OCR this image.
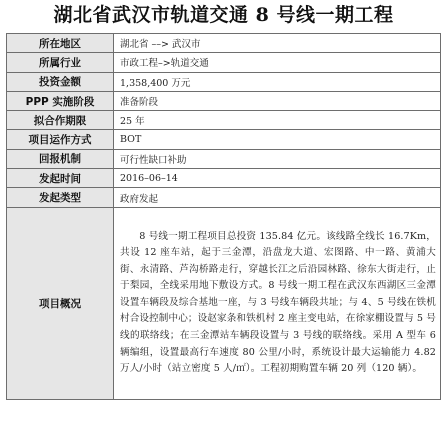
湖北省武汉市轨道交通 8 号线一期工程
所在地区	湖北省 ––> 武汉市
所属行业	市政工程–>轨道交通
投资金额	1,358,400 万元
PPP 实施阶段	准备阶段
拟合作期限	25 年
项目运作方式	BOT
回报机制	可行性缺口补助
发起时间	2016–06–14
发起类型	政府发起
项目概况	8 号线一期工程项目总投资 135.84 亿元。该线路全线长 16.7Km，共设 12 座车站，起于三金潭，沿盘龙大道、宏图路、中一路、黄浦大街、永清路、芦沟桥路走行，穿越长江之后沿园林路、徐东大街走行，止于梨园，全线采用地下敷设方式。8 号线一期工程在武汉东西湖区三金潭设置车辆段及综合基地一座，与 3 号线车辆段共址；与 4、5 号线在铁机村合设控制中心；设赵家条和铁机村 2 座主变电站，在徐家棚设置与 5 号线的联络线；在三金潭站车辆段设置与 3 号线的联络线。采用 A 型车 6 辆编组，设置最高行车速度 80 公里/小时，系统设计最大运输能力 4.82 万人/小时（站立密度 5 人/㎡）。工程初期购置车辆 20 列（120 辆）。
